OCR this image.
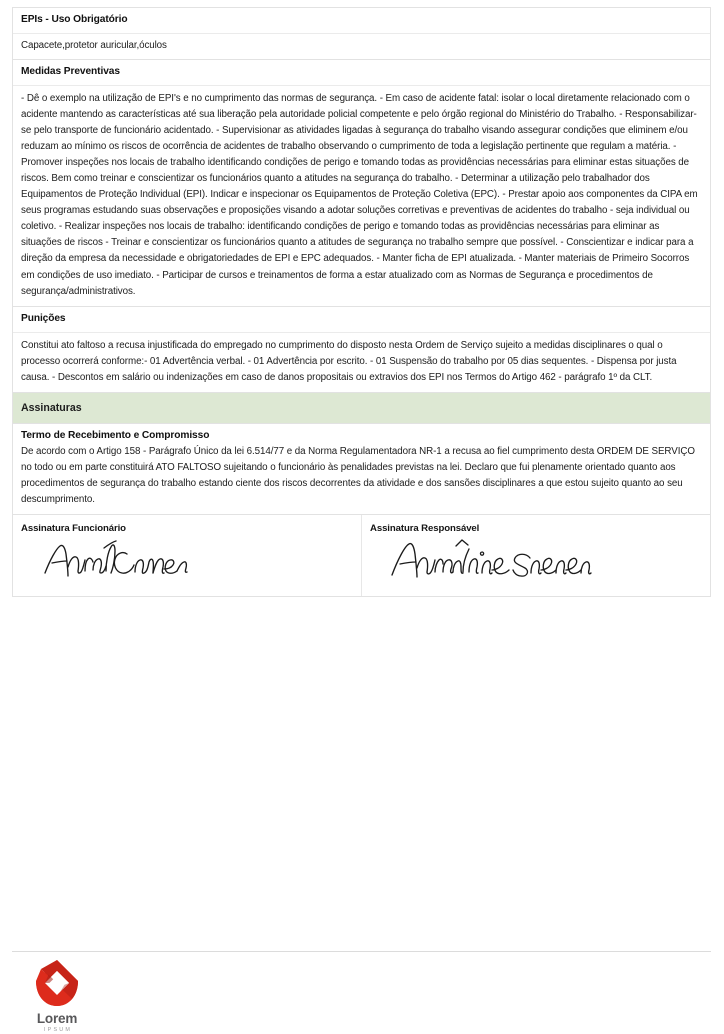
EPIs - Uso Obrigatório
Capacete,protetor auricular,óculos
Medidas Preventivas

- Dê o exemplo na utilização de EPI's e no cumprimento das normas de segurança. - Em caso de acidente fatal: isolar o local diretamente relacionado com o acidente mantendo as características até sua liberação pela autoridade policial competente e pelo órgão regional do Ministério do Trabalho. - Responsabilizar-se pelo transporte de funcionário acidentado. - Supervisionar as atividades ligadas à segurança do trabalho visando assegurar condições que eliminem e/ou reduzam ao mínimo os riscos de ocorrência de acidentes de trabalho observando o cumprimento de toda a legislação pertinente que regulam a matéria. - Promover inspeções nos locais de trabalho identificando condições de perigo e tomando todas as providências necessárias para eliminar estas situações de riscos. Bem como treinar e conscientizar os funcionários quanto a atitudes na segurança do trabalho. - Determinar a utilização pelo trabalhador dos Equipamentos de Proteção Individual (EPI). Indicar e inspecionar os Equipamentos de Proteção Coletiva (EPC). - Prestar apoio aos componentes da CIPA em seus programas estudando suas observações e proposições visando a adotar soluções corretivas e preventivas de acidentes do trabalho - seja individual ou coletivo. - Realizar inspeções nos locais de trabalho: identificando condições de perigo e tomando todas as providências necessárias para eliminar as situações de riscos - Treinar e conscientizar os funcionários quanto a atitudes de segurança no trabalho sempre que possível. - Conscientizar e indicar para a direção da empresa da necessidade e obrigatoriedades de EPI e EPC adequados. - Manter ficha de EPI atualizada. - Manter materiais de Primeiro Socorros em condições de uso imediato. - Participar de cursos e treinamentos de forma a estar atualizado com as Normas de Segurança e procedimentos de segurança/administrativos.

Punições

Constitui ato faltoso a recusa injustificada do empregado no cumprimento do disposto nesta Ordem de Serviço sujeito a medidas disciplinares o qual o processo ocorrerá conforme:- 01 Advertência verbal. - 01 Advertência por escrito. - 01 Suspensão do trabalho por 05 dias sequentes. - Dispensa por justa causa. - Descontos em salário ou indenizações em caso de danos propositais ou extravios dos EPI nos Termos do Artigo 462 - parágrafo 1º da CLT.

Assinaturas
Termo de Recebimento e Compromisso

De acordo com o Artigo 158 - Parágrafo Único da lei 6.514/77 e da Norma Regulamentadora NR-1 a recusa ao fiel cumprimento desta ORDEM DE SERVIÇO no todo ou em parte constituirá ATO FALTOSO sujeitando o funcionário às penalidades previstas na lei. Declaro que fui plenamente orientado quanto aos procedimentos de segurança do trabalho estando ciente dos riscos decorrentes da atividade e dos sansões disciplinares a que estou sujeito quanto ao seu descumprimento.

Assinatura Funcionário	Assinatura Responsável
Lorem
IPSUM
